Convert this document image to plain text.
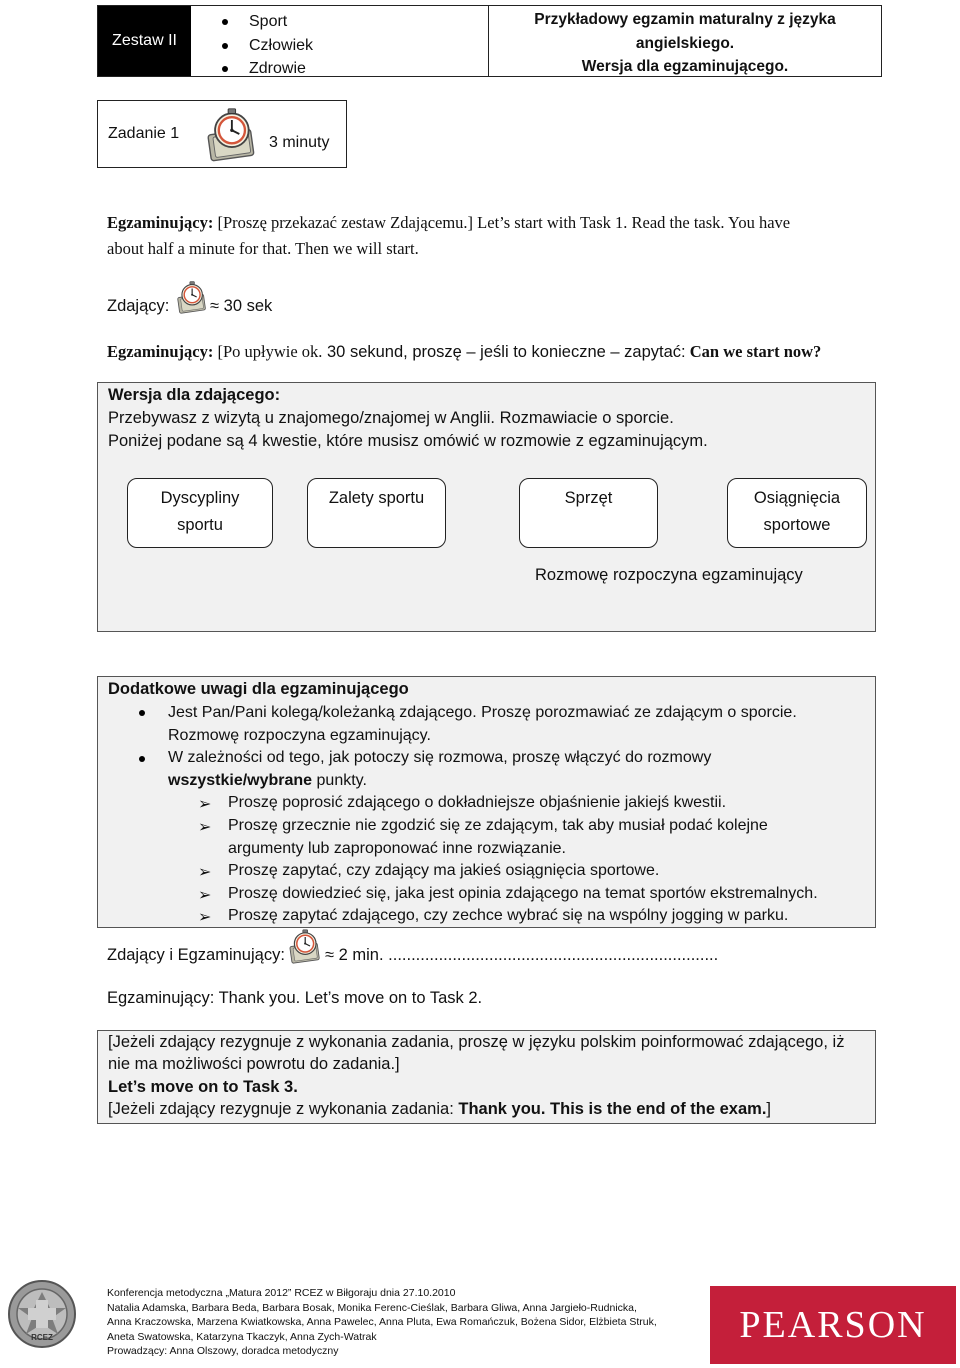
Zestaw II
Sport
Człowiek
Zdrowie
Przykładowy egzamin maturalny z języka
angielskiego.
Wersja dla egzaminującego.
Zadanie 1
3 minuty
Egzaminujący: [Proszę przekazać zestaw Zdającemu.] Let’s start with Task 1. Read the task. You have
about half a minute for that. Then we will start.
Zdający: ≈ 30 sek
Egzaminujący: [Po upływie ok. 30 sekund, proszę – jeśli to konieczne – zapytać: Can we start now?
Wersja dla zdającego:
Przebywasz z wizytą u znajomego/znajomej w Anglii. Rozmawiacie o sporcie.
Poniżej podane są 4 kwestie, które musisz omówić w rozmowie z egzaminującym.
Dyscypliny
sportu
Zalety sportu	Sprzęt	Osiągnięcia
sportowe
Rozmowę rozpoczyna egzaminujący
Dodatkowe uwagi dla egzaminującego
Jest Pan/Pani kolegą/koleżanką zdającego. Proszę porozmawiać ze zdającym o sporcie.
Rozmowę rozpoczyna egzaminujący.
W zależności od tego, jak potoczy się rozmowa, proszę włączyć do rozmowy
wszystkie/wybrane punkty.
➢ Proszę poprosić zdającego o dokładniejsze objaśnienie jakiejś kwestii.
➢ Proszę grzecznie nie zgodzić się ze zdającym, tak aby musiał podać kolejne
argumenty lub zaproponować inne rozwiązanie.
➢ Proszę zapytać, czy zdający ma jakieś osiągnięcia sportowe.
➢ Proszę dowiedzieć się, jaka jest opinia zdającego na temat sportów ekstremalnych.
➢ Proszę zapytać zdającego, czy zechce wybrać się na wspólny jogging w parku.
Zdający i Egzaminujący: ≈ 2 min. ........................................................................
Egzaminujący: Thank you. Let’s move on to Task 2.
[Jeżeli zdający rezygnuje z wykonania zadania, proszę w języku polskim poinformować zdającego, iż
nie ma możliwości powrotu do zadania.]
Let’s move on to Task 3.
[Jeżeli zdający rezygnuje z wykonania zadania: Thank you. This is the end of the exam.]
RCEZ
Konferencja metodyczna „Matura 2012” RCEZ w Biłgoraju dnia 27.10.2010
Natalia Adamska, Barbara Beda, Barbara Bosak, Monika Ferenc-Cieślak, Barbara Gliwa, Anna Jargieło-Rudnicka,
Anna Kraczowska, Marzena Kwiatkowska, Anna Pawelec, Anna Pluta, Ewa Romańczuk, Bożena Sidor, Elżbieta Struk,
Aneta Swatowska, Katarzyna Tkaczyk, Anna Zych-Watrak
Prowadzący: Anna Olszowy, doradca metodyczny
PEARSON
